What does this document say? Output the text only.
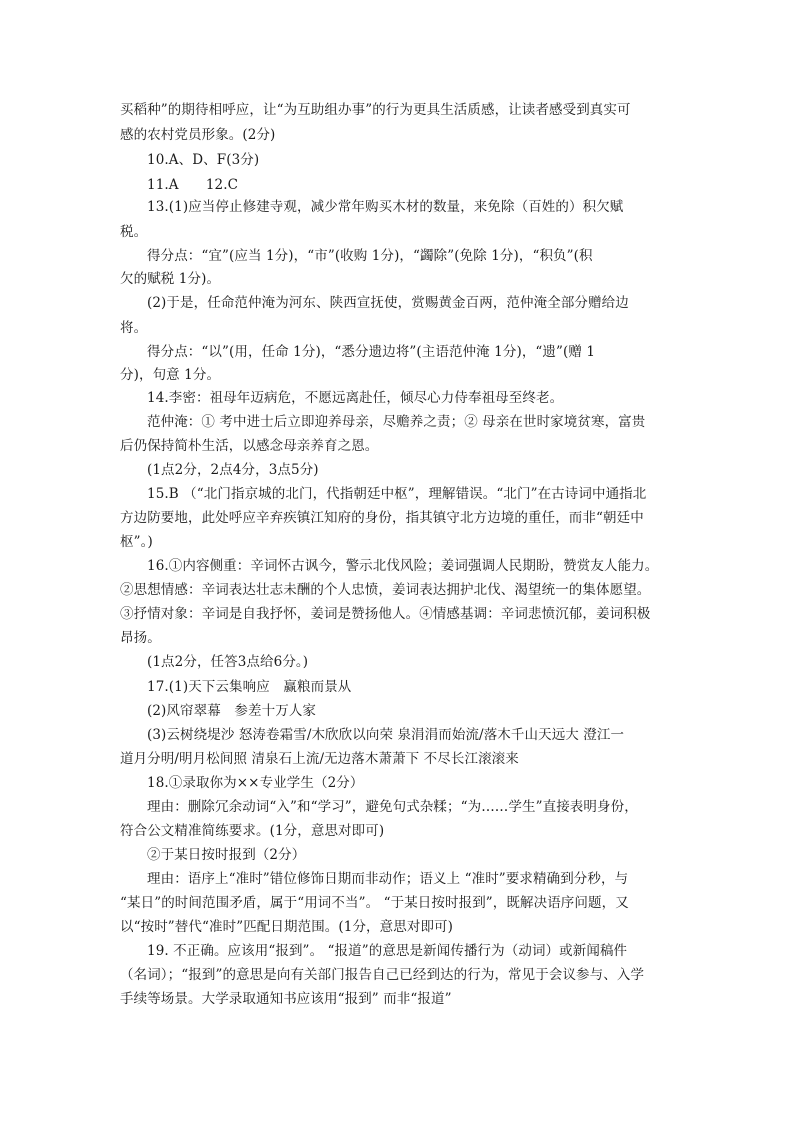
买稻种”的期待相呼应，让“为互助组办事”的行为更具生活质感，让读者感受到真实可
感的农村党员形象。(2分)
10.A、D、F(3分)
11.A　　12.C
13.(1)应当停止修建寺观，减少常年购买木材的数量，来免除（百姓的）积欠赋
税。
得分点：“宜”(应当 1分)，“市”(收购 1分)，“蠲除”(免除 1分)，“积负”(积
欠的赋税 1分)。
(2)于是，任命范仲淹为河东、陕西宣抚使，赏赐黄金百两，范仲淹全部分赠给边
将。
得分点：“以”(用，任命 1分)，“悉分遗边将”(主语范仲淹 1分)，“遗”(赠 1
分)，句意 1分。
14.李密：祖母年迈病危，不愿远离赴任，倾尽心力侍奉祖母至终老。
范仲淹：① 考中进士后立即迎养母亲，尽赡养之责；② 母亲在世时家境贫寒，富贵
后仍保持简朴生活，以感念母亲养育之恩。
(1点2分，2点4分，3点5分)
15.B （“北门指京城的北门，代指朝廷中枢”，理解错误。“北门”在古诗词中通指北
方边防要地，此处呼应辛弃疾镇江知府的身份，指其镇守北方边境的重任，而非“朝廷中
枢”。)
16.①内容侧重：辛词怀古讽今，警示北伐风险；姜词强调人民期盼，赞赏友人能力。
②思想情感：辛词表达壮志未酬的个人忠愤，姜词表达拥护北伐、渴望统一的集体愿望。
③抒情对象：辛词是自我抒怀，姜词是赞扬他人。④情感基调：辛词悲愤沉郁，姜词积极
昂扬。
(1点2分，任答3点给6分。)
17.(1)天下云集响应　赢粮而景从
(2)风帘翠幕　参差十万人家
(3)云树绕堤沙 怒涛卷霜雪/木欣欣以向荣 泉涓涓而始流/落木千山天远大 澄江一
道月分明/明月松间照 清泉石上流/无边落木萧萧下 不尽长江滚滚来
18.①录取你为××专业学生（2分）
理由：删除冗余动词“入”和“学习”，避免句式杂糅；“为……学生”直接表明身份，
符合公文精准简练要求。(1分，意思对即可)
②于某日按时报到（2分）
理由：语序上“准时”错位修饰日期而非动作；语义上 “准时”要求精确到分秒，与
“某日”的时间范围矛盾，属于“用词不当”。 “于某日按时报到”，既解决语序问题，又
以“按时”替代“准时”匹配日期范围。(1分，意思对即可)
19. 不正确。应该用“报到”。 “报道”的意思是新闻传播行为（动词）或新闻稿件
（名词）；“报到”的意思是向有关部门报告自己已经到达的行为，常见于会议参与、入学
手续等场景。大学录取通知书应该用“报到” 而非“报道”
